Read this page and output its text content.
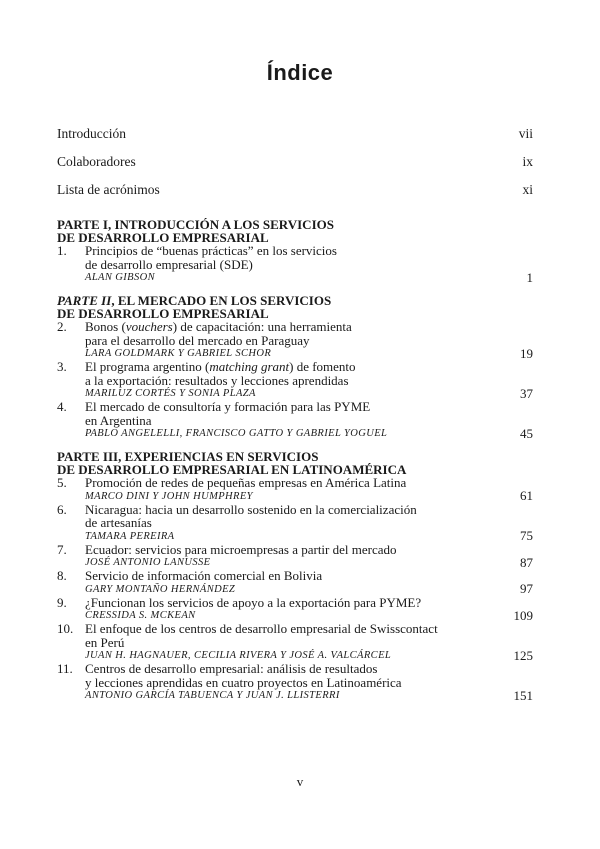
Índice
Introducción	vii
Colaboradores	ix
Lista de acrónimos	xi
PARTE I, INTRODUCCIÓN A LOS SERVICIOS
DE DESARROLLO EMPRESARIAL
1. Principios de “buenas prácticas” en los servicios
de desarrollo empresarial (SDE)
ALAN GIBSON	1
PARTE II, EL MERCADO EN LOS SERVICIOS
DE DESARROLLO EMPRESARIAL
2. Bonos (vouchers) de capacitación: una herramienta
para el desarrollo del mercado en Paraguay
LARA GOLDMARK Y GABRIEL SCHOR	19
3. El programa argentino (matching grant) de fomento
a la exportación: resultados y lecciones aprendidas
MARILUZ CORTÉS Y SONIA PLAZA	37
4. El mercado de consultoría y formación para las PYME
en Argentina
PABLO ANGELELLI, FRANCISCO GATTO Y GABRIEL YOGUEL	45
PARTE III, EXPERIENCIAS EN SERVICIOS
DE DESARROLLO EMPRESARIAL EN LATINOAMÉRICA
5. Promoción de redes de pequeñas empresas en América Latina
MARCO DINI Y JOHN HUMPHREY	61
6. Nicaragua: hacia un desarrollo sostenido en la comercialización
de artesanías
TAMARA PEREIRA	75
7. Ecuador: servicios para microempresas a partir del mercado
JOSÉ ANTONIO LANUSSE	87
8. Servicio de información comercial en Bolivia
GARY MONTAÑO HERNÁNDEZ	97
9. ¿Funcionan los servicios de apoyo a la exportación para PYME?
CRESSIDA S. MCKEAN	109
10. El enfoque de los centros de desarrollo empresarial de Swisscontact
en Perú
JUAN H. HAGNAUER, CECILIA RIVERA Y JOSÉ A. VALCÁRCEL	125
11. Centros de desarrollo empresarial: análisis de resultados
y lecciones aprendidas en cuatro proyectos en Latinoamérica
ANTONIO GARCÍA TABUENCA Y JUAN J. LLISTERRI	151
v
